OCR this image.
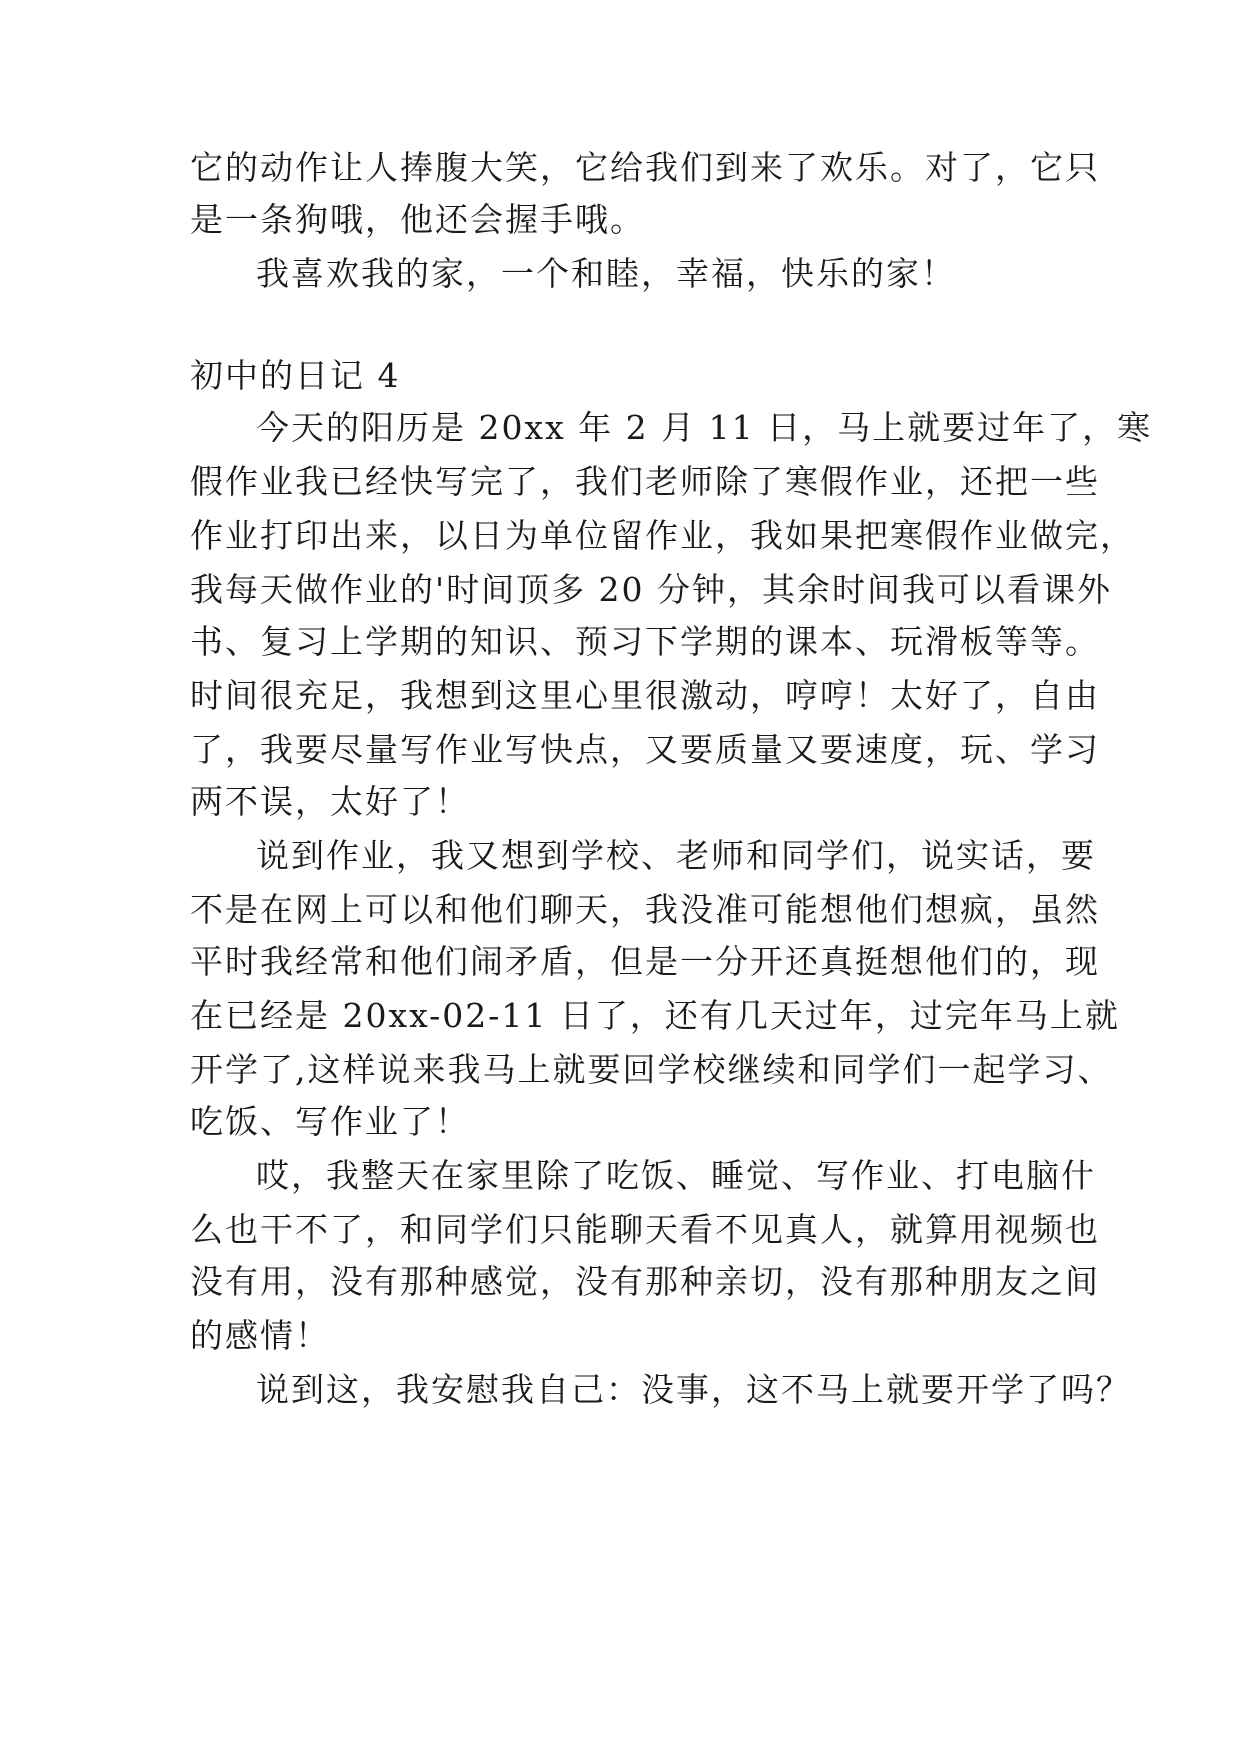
它的动作让人捧腹大笑，它给我们到来了欢乐。对了，它只
是一条狗哦，他还会握手哦。
我喜欢我的家，一个和睦，幸福，快乐的家！
初中的日记 4
今天的阳历是 20xx 年 2 月 11 日，马上就要过年了，寒
假作业我已经快写完了，我们老师除了寒假作业，还把一些
作业打印出来，以日为单位留作业，我如果把寒假作业做完，
我每天做作业的'时间顶多 20 分钟，其余时间我可以看课外
书、复习上学期的知识、预习下学期的课本、玩滑板等等。
时间很充足，我想到这里心里很激动，哼哼！太好了，自由
了，我要尽量写作业写快点，又要质量又要速度，玩、学习
两不误，太好了！
说到作业，我又想到学校、老师和同学们，说实话，要
不是在网上可以和他们聊天，我没准可能想他们想疯，虽然
平时我经常和他们闹矛盾，但是一分开还真挺想他们的，现
在已经是 20xx-02-11 日了，还有几天过年，过完年马上就
开学了,这样说来我马上就要回学校继续和同学们一起学习、
吃饭、写作业了！
哎，我整天在家里除了吃饭、睡觉、写作业、打电脑什
么也干不了，和同学们只能聊天看不见真人，就算用视频也
没有用，没有那种感觉，没有那种亲切，没有那种朋友之间
的感情！
说到这，我安慰我自己：没事，这不马上就要开学了吗？
